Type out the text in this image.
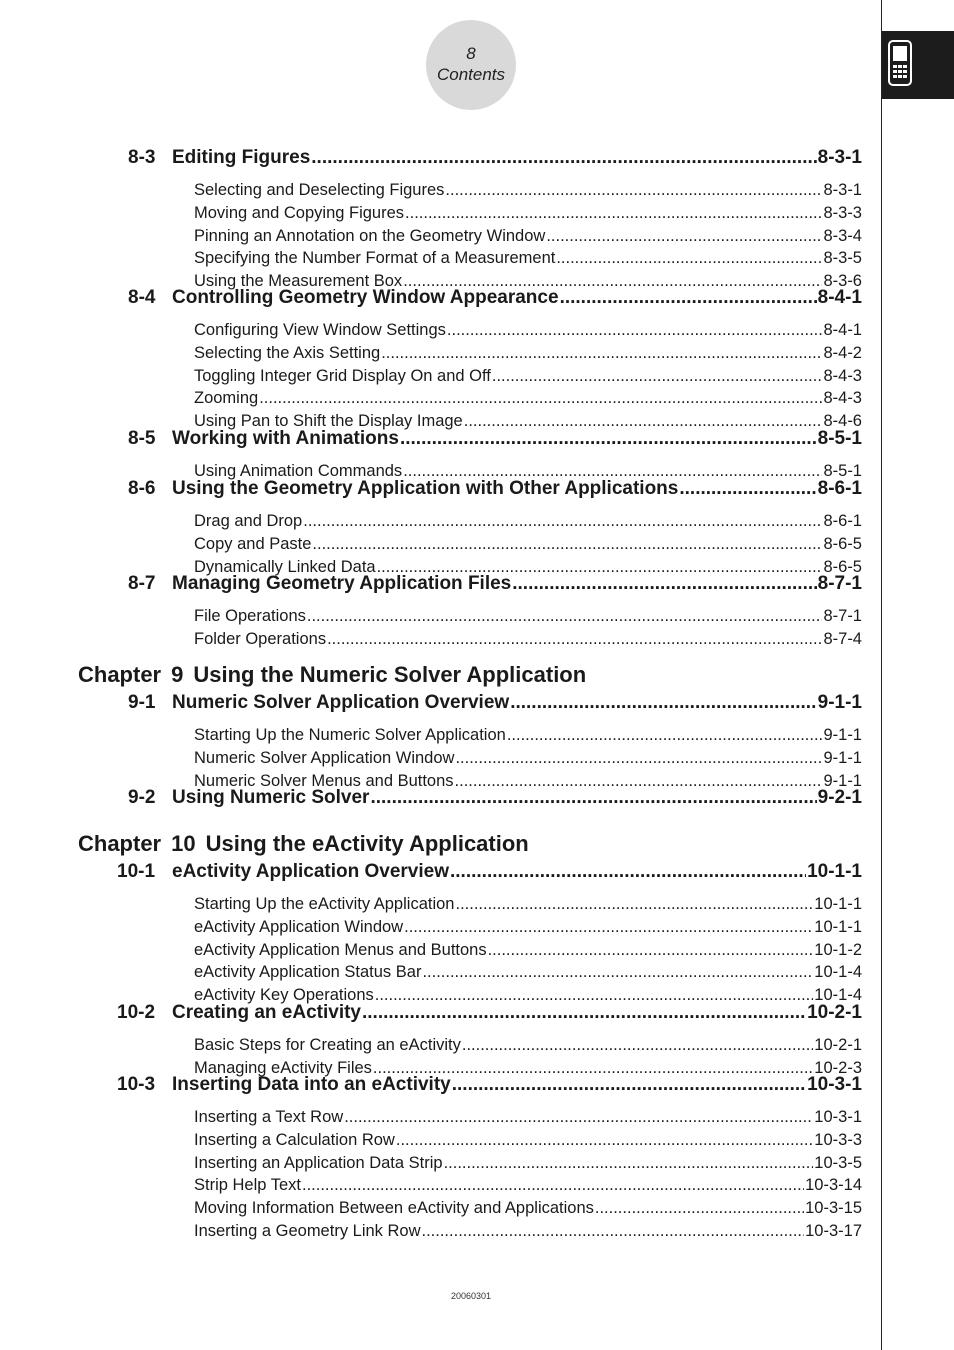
8
Contents
Chapter 9 Using the Numeric Solver Application
Chapter 10 Using the eActivity Application
8-3 Editing Figures .....	8-3-1
Selecting and Deselecting Figures .....	8-3-1
Moving and Copying Figures .....	8-3-3
Pinning an Annotation on the Geometry Window .....	8-3-4
Specifying the Number Format of a Measurement .....	8-3-5
Using the Measurement Box .....	8-3-6
8-4 Controlling Geometry Window Appearance .....	8-4-1
Configuring View Window Settings .....	8-4-1
Selecting the Axis Setting .....	8-4-2
Toggling Integer Grid Display On and Off .....	8-4-3
Zooming .....	8-4-3
Using Pan to Shift the Display Image .....	8-4-6
8-5 Working with Animations .....	8-5-1
Using Animation Commands .....	8-5-1
8-6 Using the Geometry Application with Other Applications .....	8-6-1
Drag and Drop .....	8-6-1
Copy and Paste .....	8-6-5
Dynamically Linked Data .....	8-6-5
8-7 Managing Geometry Application Files .....	8-7-1
File Operations .....	8-7-1
Folder Operations .....	8-7-4
9-1 Numeric Solver Application Overview .....	9-1-1
Starting Up the Numeric Solver Application .....	9-1-1
Numeric Solver Application Window .....	9-1-1
Numeric Solver Menus and Buttons .....	9-1-1
9-2 Using Numeric Solver .....	9-2-1
10-1 eActivity Application Overview .....	10-1-1
Starting Up the eActivity Application .....	10-1-1
eActivity Application Window .....	10-1-1
eActivity Application Menus and Buttons .....	10-1-2
eActivity Application Status Bar .....	10-1-4
eActivity Key Operations .....	10-1-4
10-2 Creating an eActivity .....	10-2-1
Basic Steps for Creating an eActivity .....	10-2-1
Managing eActivity Files .....	10-2-3
10-3 Inserting Data into an eActivity .....	10-3-1
Inserting a Text Row .....	10-3-1
Inserting a Calculation Row .....	10-3-3
Inserting an Application Data Strip .....	10-3-5
Strip Help Text .....	10-3-14
Moving Information Between eActivity and Applications .....	10-3-15
Inserting a Geometry Link Row .....	10-3-17
20060301
